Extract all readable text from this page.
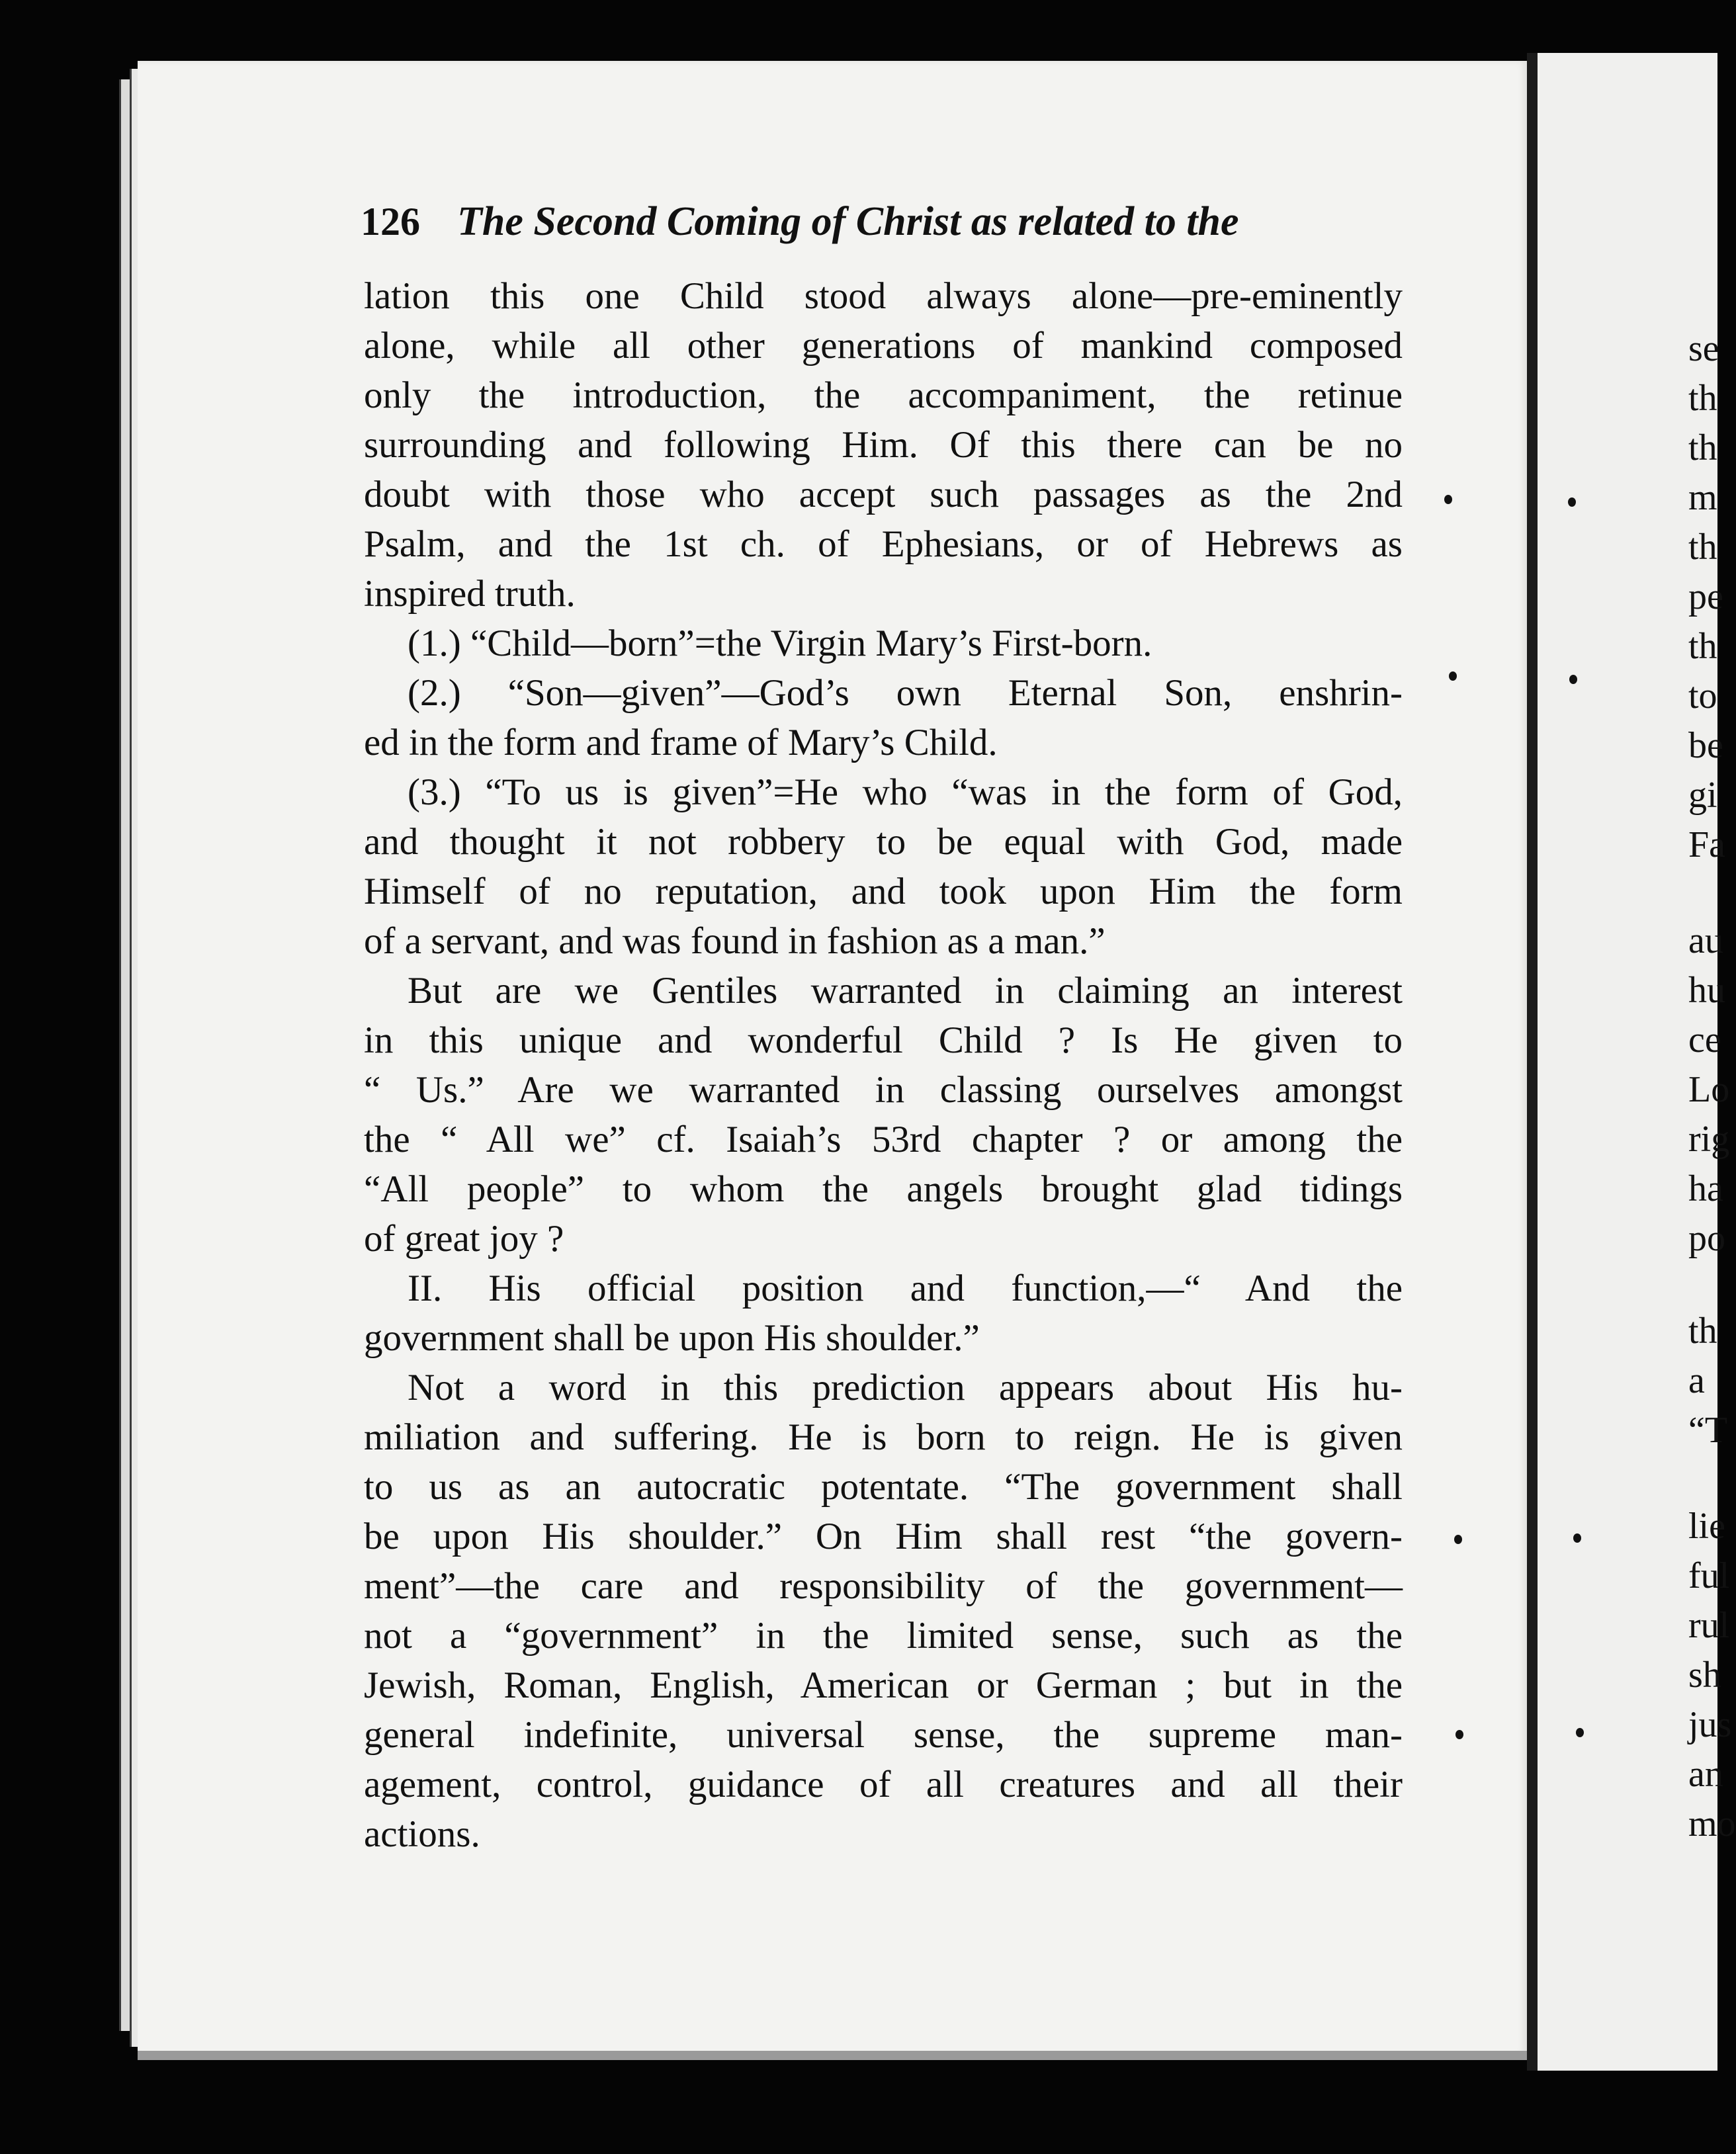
126 The Second Coming of Christ as related to the
lation this one Child stood always alone—pre-eminently
alone, while all other generations of mankind composed
only the introduction, the accompaniment, the retinue
surrounding and following Him. Of this there can be no
doubt with those who accept such passages as the 2nd
Psalm, and the 1st ch. of Ephesians, or of Hebrews as
inspired truth.
(1.) “Child—born”=the Virgin Mary’s First-born.
(2.) “Son—given”—God’s own Eternal Son, enshrin-
ed in the form and frame of Mary’s Child.
(3.) “To us is given”=He who “was in the form of God,
and thought it not robbery to be equal with God, made
Himself of no reputation, and took upon Him the form
of a servant, and was found in fashion as a man.”
But are we Gentiles warranted in claiming an interest
in this unique and wonderful Child ? Is He given to
“ Us.” Are we warranted in classing ourselves amongst
the “ All we” cf. Isaiah’s 53rd chapter ? or among the
“All people” to whom the angels brought glad tidings
of great joy ?
II. His official position and function,—“ And the
government shall be upon His shoulder.”
Not a word in this prediction appears about His hu-
miliation and suffering. He is born to reign. He is given
to us as an autocratic potentate. “The government shall
be upon His shoulder.” On Him shall rest “the govern-
ment”—the care and responsibility of the government—
not a “government” in the limited sense, such as the
Jewish, Roman, English, American or German ; but in the
general indefinite, universal sense, the supreme man-
agement, control, guidance of all creatures and all their
actions.
se
th
th
m
th
pe
th
to
be
gi
Fa
au
hu
ce
Lo
rig
ha
po
th
a
“T
lie
ful
rul
sh
jus
an
mo
